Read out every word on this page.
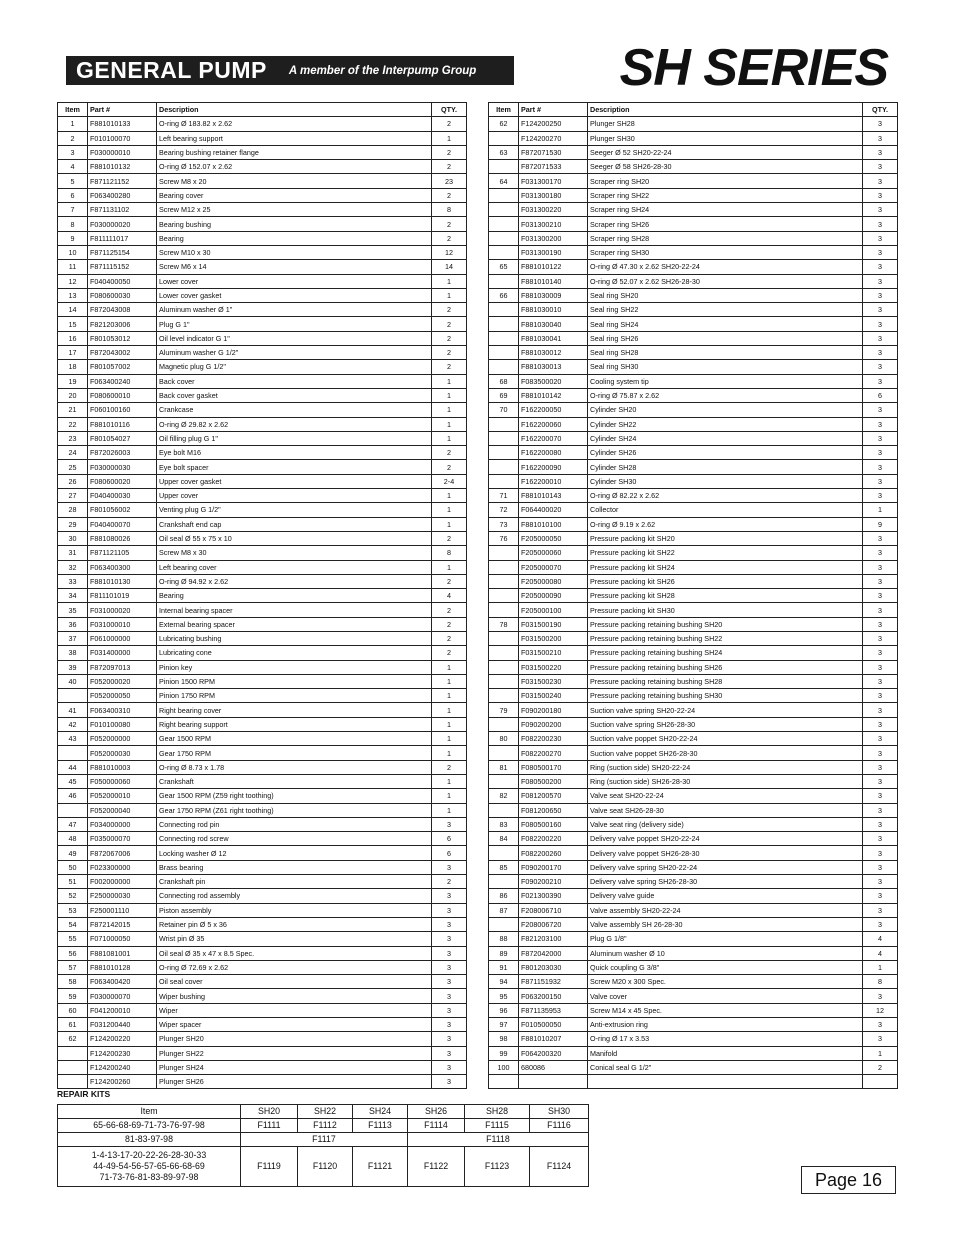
GENERAL PUMP A member of the Interpump Group	SH SERIES
Item	Part #	Description	QTY.
1	F881010133	O-ring Ø 183.82 x 2.62	2
2	F010100070	Left bearing support	1
3	F030000010	Bearing bushing retainer flange	2
4	F881010132	O-ring Ø 152.07 x 2.62	2
5	F871121152	Screw M8 x 20	23
6	F063400280	Bearing cover	2
7	F871131102	Screw M12 x 25	8
8	F030000020	Bearing bushing	2
9	F811111017	Bearing	2
10	F871125154	Screw M10 x 30	12
11	F871115152	Screw M6 x 14	14
12	F040400050	Lower cover	1
13	F080600030	Lower cover gasket	1
14	F872043008	Aluminum washer Ø 1"	2
15	F821203006	Plug G 1"	2
16	F801053012	Oil level indicator G 1"	2
17	F872043002	Aluminum washer G 1/2"	2
18	F801057002	Magnetic plug G 1/2"	2
19	F063400240	Back cover	1
20	F080600010	Back cover gasket	1
21	F060100160	Crankcase	1
22	F881010116	O-ring Ø 29.82 x 2.62	1
23	F801054027	Oil filling plug G 1"	1
24	F872026003	Eye bolt M16	2
25	F030000030	Eye bolt spacer	2
26	F080600020	Upper cover gasket	2-4
27	F040400030	Upper cover	1
28	F801056002	Venting plug G 1/2"	1
29	F040400070	Crankshaft end cap	1
30	F881080026	Oil seal Ø 55 x 75 x 10	2
31	F871121105	Screw M8 x 30	8
32	F063400300	Left bearing cover	1
33	F881010130	O-ring Ø 94.92 x 2.62	2
34	F811101019	Bearing	4
35	F031000020	Internal bearing spacer	2
36	F031000010	External bearing spacer	2
37	F061000000	Lubricating bushing	2
38	F031400000	Lubricating cone	2
39	F872097013	Pinion key	1
40	F052000020	Pinion 1500 RPM	1
	F052000050	Pinion 1750 RPM	1
41	F063400310	Right bearing cover	1
42	F010100080	Right bearing support	1
43	F052000000	Gear 1500 RPM	1
	F052000030	Gear 1750 RPM	1
44	F881010003	O-ring Ø 8.73 x 1.78	2
45	F050000060	Crankshaft	1
46	F052000010	Gear 1500 RPM (Z59 right toothing)	1
	F052000040	Gear 1750 RPM (Z61 right toothing)	1
47	F034000000	Connecting rod pin	3
48	F035000070	Connecting rod screw	6
49	F872067006	Locking washer Ø 12	6
50	F023300000	Brass bearing	3
51	F002000000	Crankshaft pin	2
52	F250000030	Connecting rod assembly	3
53	F250001110	Piston assembly	3
54	F872142015	Retainer pin Ø 5 x 36	3
55	F071000050	Wrist pin Ø 35	3
56	F881081001	Oil seal Ø 35 x 47 x 8.5 Spec.	3
57	F881010128	O-ring Ø 72.69 x 2.62	3
58	F063400420	Oil seal cover	3
59	F030000070	Wiper bushing	3
60	F041200010	Wiper	3
61	F031200440	Wiper spacer	3
62	F124200220	Plunger SH20	3
	F124200230	Plunger SH22	3
	F124200240	Plunger SH24	3
	F124200260	Plunger SH26	3
Item	Part #	Description	QTY.
62	F124200250	Plunger SH28	3
	F124200270	Plunger SH30	3
63	F872071530	Seeger Ø 52 SH20-22-24	3
	F872071533	Seeger Ø 58 SH26-28-30	3
64	F031300170	Scraper ring SH20	3
	F031300180	Scraper ring SH22	3
	F031300220	Scraper ring SH24	3
	F031300210	Scraper ring SH26	3
	F031300200	Scraper ring SH28	3
	F031300190	Scraper ring SH30	3
65	F881010122	O-ring Ø 47.30 x 2.62 SH20-22-24	3
	F881010140	O-ring Ø 52.07 x 2.62 SH26-28-30	3
66	F881030009	Seal ring SH20	3
	F881030010	Seal ring SH22	3
	F881030040	Seal ring SH24	3
	F881030041	Seal ring SH26	3
	F881030012	Seal ring SH28	3
	F881030013	Seal ring SH30	3
68	F083500020	Cooling system tip	3
69	F881010142	O-ring Ø 75.87 x 2.62	6
70	F162200050	Cylinder SH20	3
	F162200060	Cylinder SH22	3
	F162200070	Cylinder SH24	3
	F162200080	Cylinder SH26	3
	F162200090	Cylinder SH28	3
	F162200010	Cylinder SH30	3
71	F881010143	O-ring Ø 82.22 x 2.62	3
72	F064400020	Collector	1
73	F881010100	O-ring Ø 9.19 x 2.62	9
76	F205000050	Pressure packing kit SH20	3
	F205000060	Pressure packing kit SH22	3
	F205000070	Pressure packing kit SH24	3
	F205000080	Pressure packing kit SH26	3
	F205000090	Pressure packing kit SH28	3
	F205000100	Pressure packing kit SH30	3
78	F031500190	Pressure packing retaining bushing SH20	3
	F031500200	Pressure packing retaining bushing SH22	3
	F031500210	Pressure packing retaining bushing SH24	3
	F031500220	Pressure packing retaining bushing SH26	3
	F031500230	Pressure packing retaining bushing SH28	3
	F031500240	Pressure packing retaining bushing SH30	3
79	F090200180	Suction valve spring SH20-22-24	3
	F090200200	Suction valve spring SH26-28-30	3
80	F082200230	Suction valve poppet SH20-22-24	3
	F082200270	Suction valve poppet SH26-28-30	3
81	F080500170	Ring (suction side) SH20-22-24	3
	F080500200	Ring (suction side) SH26-28-30	3
82	F081200570	Valve seat SH20-22-24	3
	F081200650	Valve seat SH26-28-30	3
83	F080500160	Valve seat ring (delivery side)	3
84	F082200220	Delivery valve poppet SH20-22-24	3
	F082200260	Delivery valve poppet SH26-28-30	3
85	F090200170	Delivery valve spring SH20-22-24	3
	F090200210	Delivery valve spring SH26-28-30	3
86	F021300390	Delivery valve guide	3
87	F208006710	Valve assembly SH20-22-24	3
	F208006720	Valve assembly SH 26-28-30	3
88	F821203100	Plug G 1/8"	4
89	F872042000	Aluminum washer Ø 10	4
91	F801203030	Quick coupling G 3/8"	1
94	F871151932	Screw M20 x 300 Spec.	8
95	F063200150	Valve cover	3
96	F871135953	Screw M14 x 45 Spec.	12
97	F010500050	Anti-extrusion ring	3
98	F881010207	O-ring Ø 17 x 3.53	3
99	F064200320	Manifold	1
100	680086	Conical seal G 1/2"	2

REPAIR KITS
Item	SH20	SH22	SH24	SH26	SH28	SH30
65-66-68-69-71-73-76-97-98	F1111	F1112	F1113	F1114	F1115	F1116
81-83-97-98	F1117			F1118		

1-4-13-17-20-22-26-28-30-33
44-49-54-56-57-65-66-68-69
71-73-76-81-83-89-97-98	F1119	F1120	F1121	F1122	F1123	F1124
Page 16
